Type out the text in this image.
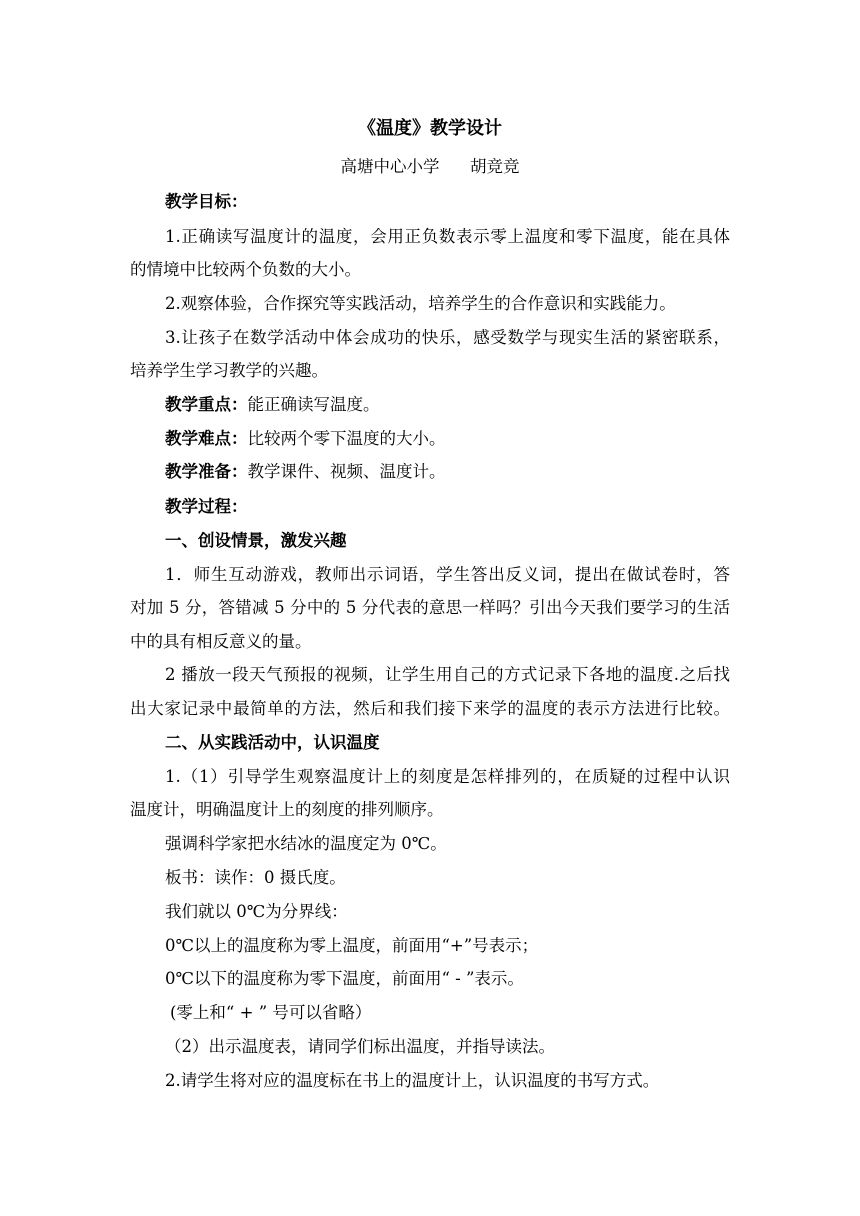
《温度》教学设计
高塘中心小学 胡竞竞
教学目标：
1.正确读写温度计的温度，会用正负数表示零上温度和零下温度，能在具体
的情境中比较两个负数的大小。
2.观察体验，合作探究等实践活动，培养学生的合作意识和实践能力。
3.让孩子在数学活动中体会成功的快乐，感受数学与现实生活的紧密联系，
培养学生学习教学的兴趣。
教学重点：能正确读写温度。
教学难点：比较两个零下温度的大小。
教学准备：教学课件、视频、温度计。
教学过程：
一、创设情景，激发兴趣
1．师生互动游戏，教师出示词语，学生答出反义词，提出在做试卷时，答
对加 5 分，答错减 5 分中的 5 分代表的意思一样吗？引出今天我们要学习的生活
中的具有相反意义的量。
2 播放一段天气预报的视频，让学生用自己的方式记录下各地的温度.之后找
出大家记录中最简单的方法，然后和我们接下来学的温度的表示方法进行比较。
二、从实践活动中，认识温度
1.（1）引导学生观察温度计上的刻度是怎样排列的，在质疑的过程中认识
温度计，明确温度计上的刻度的排列顺序。
强调科学家把水结冰的温度定为 0℃。
板书：读作：0 摄氏度。
我们就以 0℃为分界线：
0℃以上的温度称为零上温度，前面用“+”号表示；
0℃以下的温度称为零下温度，前面用“ - ”表示。
(零上和“ + ” 号可以省略）
（2）出示温度表，请同学们标出温度，并指导读法。
2.请学生将对应的温度标在书上的温度计上，认识温度的书写方式。
